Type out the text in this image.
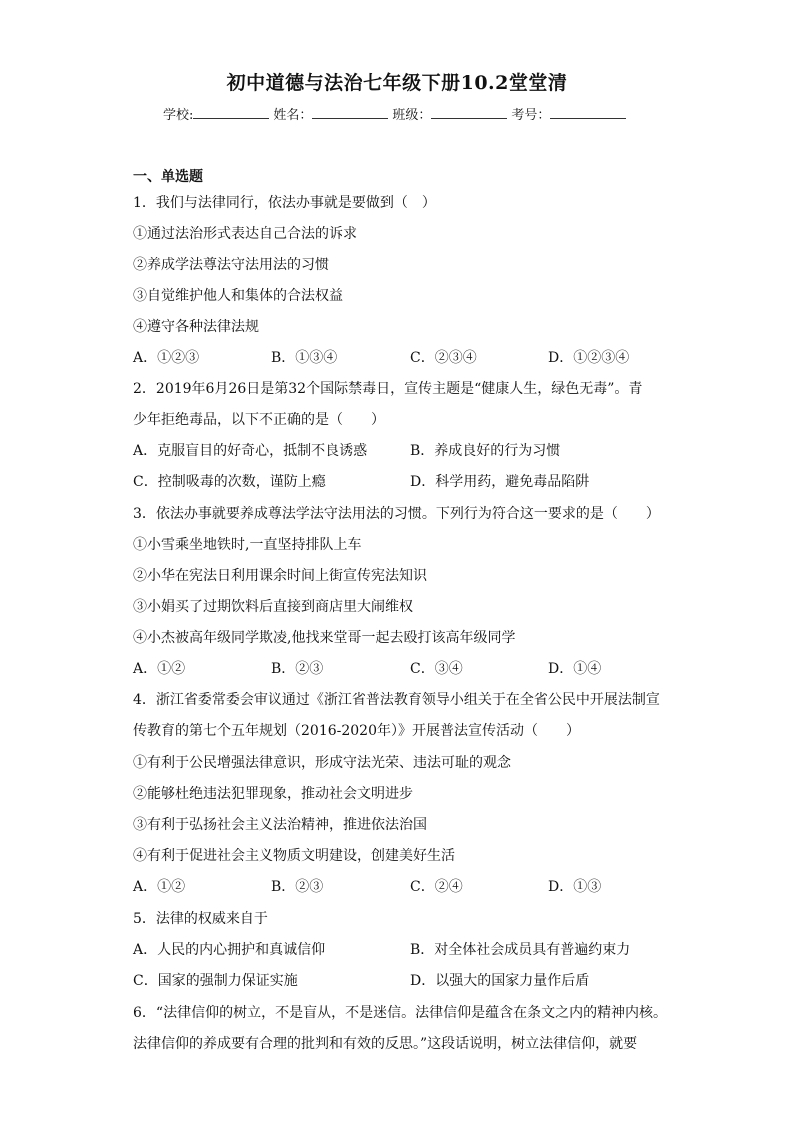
初中道德与法治七年级下册10.2堂堂清
学校:	姓名：	班级：	考号：
一、单选题
1．我们与法律同行，依法办事就是要做到（　）
①通过法治形式表达自己合法的诉求
②养成学法尊法守法用法的习惯
③自觉维护他人和集体的合法权益
④遵守各种法律法规
A．①②③	B．①③④	C．②③④	D．①②③④
2．2019年6月26日是第32个国际禁毒日，宣传主题是“健康人生，绿色无毒”。青
少年拒绝毒品，以下不正确的是（　　）
A．克服盲目的好奇心，抵制不良诱惑	B．养成良好的行为习惯
C．控制吸毒的次数，谨防上瘾	D．科学用药，避免毒品陷阱
3．依法办事就要养成尊法学法守法用法的习惯。下列行为符合这一要求的是（　　）
①小雪乘坐地铁时,一直坚持排队上车
②小华在宪法日利用课余时间上街宣传宪法知识
③小娟买了过期饮料后直接到商店里大闹维权
④小杰被高年级同学欺凌,他找来堂哥一起去殴打该高年级同学
A．①②	B．②③	C．③④	D．①④
4．浙江省委常委会审议通过《浙江省普法教育领导小组关于在全省公民中开展法制宣
传教育的第七个五年规划（2016-2020年）》开展普法宣传活动（　　）
①有利于公民增强法律意识，形成守法光荣、违法可耻的观念
②能够杜绝违法犯罪现象，推动社会文明进步
③有利于弘扬社会主义法治精神，推进依法治国
④有利于促进社会主义物质文明建设，创建美好生活
A．①②	B．②③	C．②④	D．①③
5．法律的权威来自于
A．人民的内心拥护和真诚信仰	B．对全体社会成员具有普遍约束力
C．国家的强制力保证实施	D．以强大的国家力量作后盾
6．“法律信仰的树立，不是盲从，不是迷信。法律信仰是蕴含在条文之内的精神内核。
法律信仰的养成要有合理的批判和有效的反思。”这段话说明，树立法律信仰，就要
